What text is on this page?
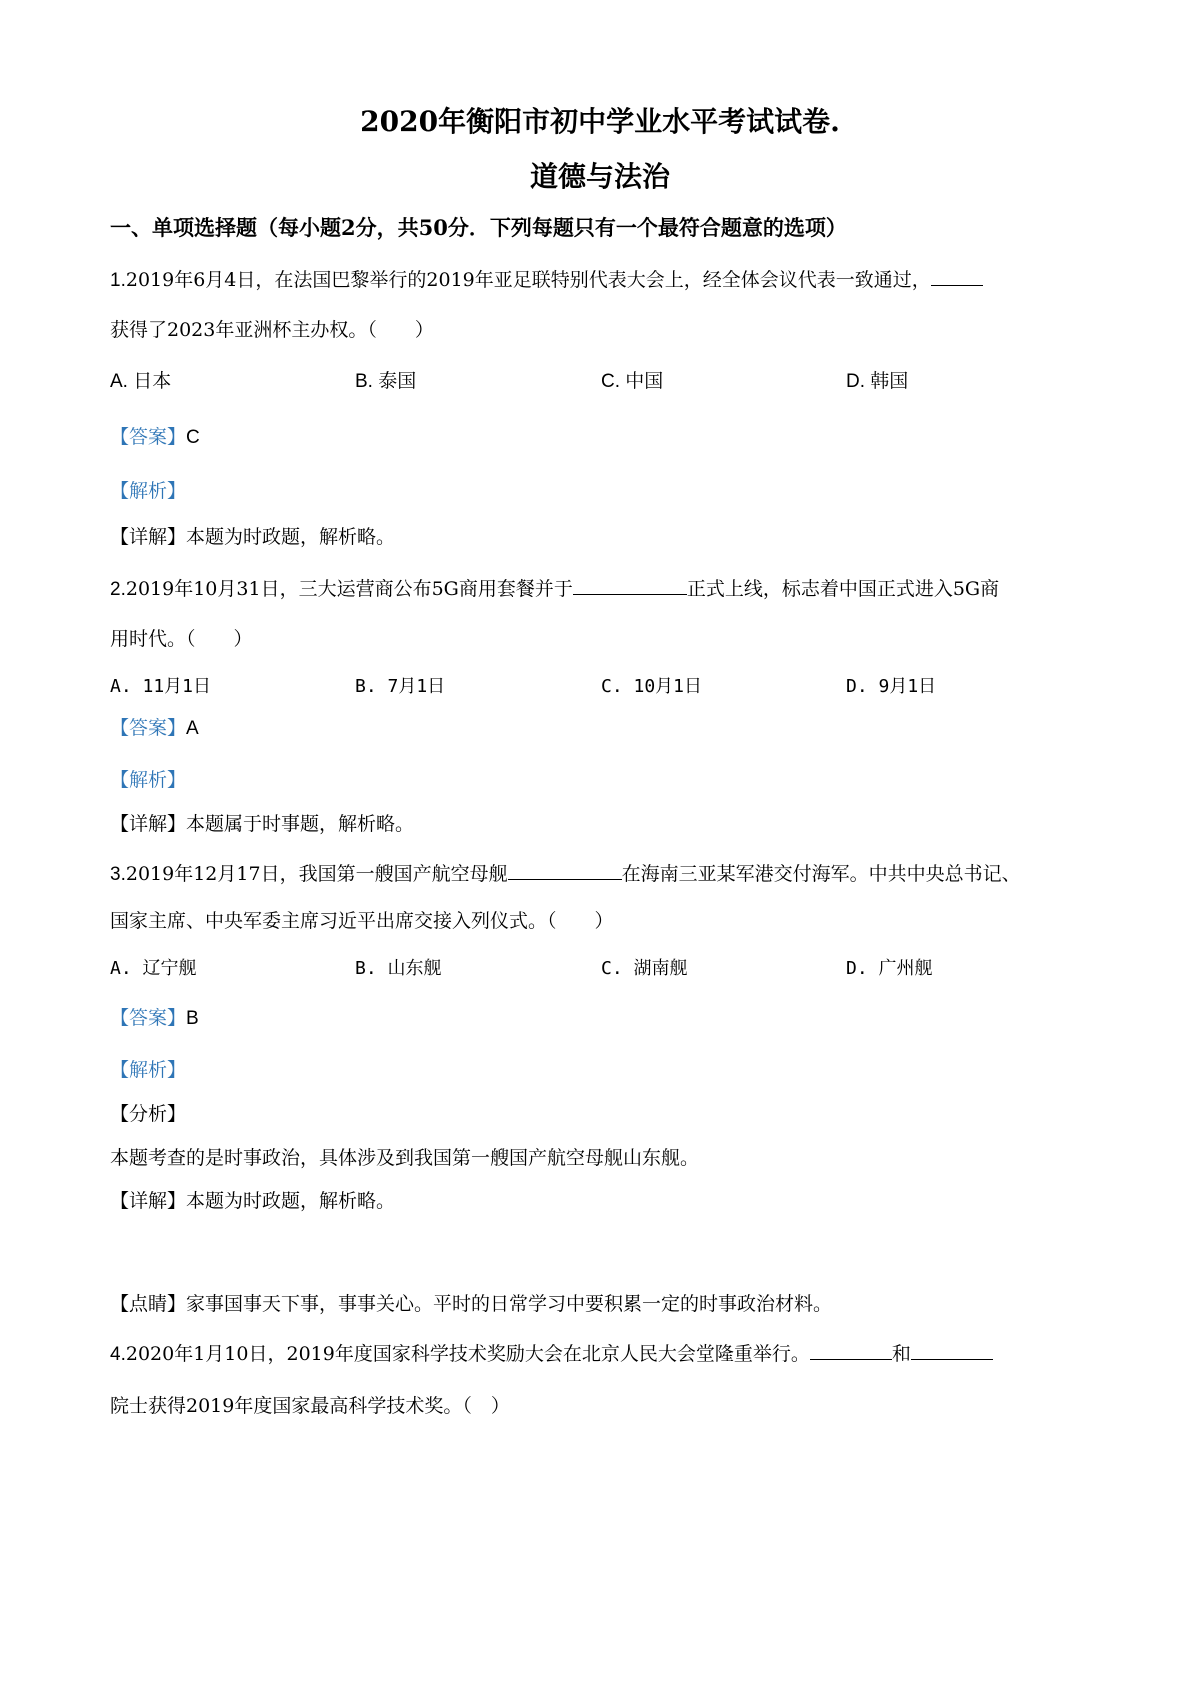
2020年衡阳市初中学业水平考试试卷.
道德与法治
一、单项选择题（每小题2分，共50分．下列每题只有一个最符合题意的选项）
1.2019年6月4日，在法国巴黎举行的2019年亚足联特别代表大会上，经全体会议代表一致通过，
获得了2023年亚洲杯主办权。（　　）
A. 日本	B. 泰国	C. 中国	D. 韩国
【答案】C
【解析】
【详解】本题为时政题，解析略。
2.2019年10月31日，三大运营商公布5G商用套餐并于	正式上线，标志着中国正式进入5G商
用时代。（　　）
A. 11月1日	B. 7月1日	C. 10月1日	D. 9月1日
【答案】A
【解析】
【详解】本题属于时事题，解析略。
3.2019年12月17日，我国第一艘国产航空母舰	在海南三亚某军港交付海军。中共中央总书记、
国家主席、中央军委主席习近平出席交接入列仪式。（　　）
A. 辽宁舰	B. 山东舰	C. 湖南舰	D. 广州舰
【答案】B
【解析】
【分析】
本题考查的是时事政治，具体涉及到我国第一艘国产航空母舰山东舰。
【详解】本题为时政题，解析略。
【点睛】家事国事天下事，事事关心。平时的日常学习中要积累一定的时事政治材料。
4.2020年1月10日，2019年度国家科学技术奖励大会在北京人民大会堂隆重举行。	和
院士获得2019年度国家最高科学技术奖。（　）
